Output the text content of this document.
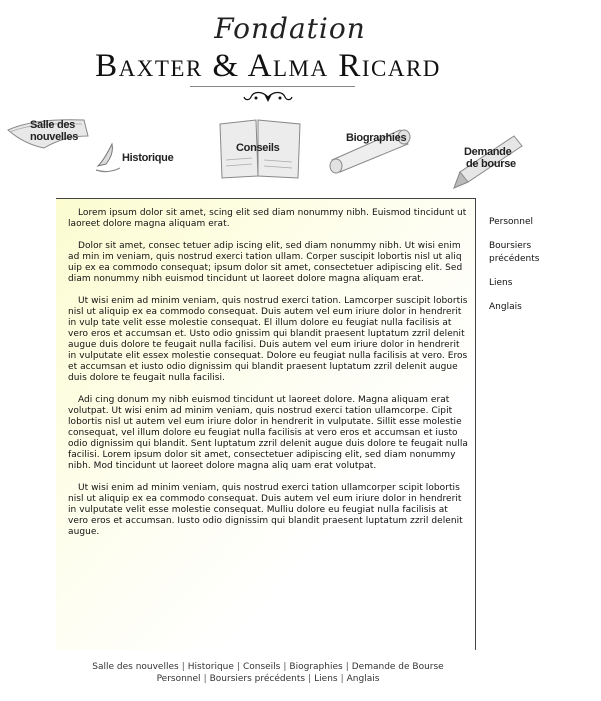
Fondation
Baxter & Alma Ricard
Salle des
nouvelles
Historique
Conseils
Biographies
Demande
de bourse

Lorem ipsum dolor sit amet, scing elit sed diam nonummy nibh. Euismod tincidunt ut laoreet dolore magna aliquam erat.

Dolor sit amet, consec tetuer adip iscing elit, sed diam nonummy nibh. Ut wisi enim ad min im veniam, quis nostrud exerci tation ullam. Corper suscipit lobortis nisl ut aliq uip ex ea commodo consequat; ipsum dolor sit amet, consectetuer adipiscing elit. Sed diam nonummy nibh euismod tincidunt ut laoreet dolore magna aliquam erat.

Ut wisi enim ad minim veniam, quis nostrud exerci tation. Lamcorper suscipit lobortis nisl ut aliquip ex ea commodo consequat. Duis autem vel eum iriure dolor in hendrerit in vulp tate velit esse molestie consequat. El illum dolore eu feugiat nulla facilisis at vero eros et accumsan et. Usto odio gnissim qui blandit praesent luptatum zzril delenit augue duis dolore te feugait nulla facilisi. Duis autem vel eum iriure dolor in hendrerit in vulputate elit essex molestie consequat. Dolore eu feugiat nulla facilisis at vero. Eros et accumsan et iusto odio dignissim qui blandit praesent luptatum zzril delenit augue duis dolore te feugait nulla facilisi.

Adi cing donum my nibh euismod tincidunt ut laoreet dolore. Magna aliquam erat volutpat. Ut wisi enim ad minim veniam, quis nostrud exerci tation ullamcorpe. Cipit lobortis nisl ut autem vel eum iriure dolor in hendrerit in vulputate. Sillit esse molestie consequat, vel illum dolore eu feugiat nulla facilisis at vero eros et accumsan et iusto odio dignissim qui blandit. Sent luptatum zzril delenit augue duis dolore te feugait nulla facilisi. Lorem ipsum dolor sit amet, consectetuer adipiscing elit, sed diam nonummy nibh. Mod tincidunt ut laoreet dolore magna aliq uam erat volutpat.

Ut wisi enim ad minim veniam, quis nostrud exerci tation ullamcorper scipit lobortis nisl ut aliquip ex ea commodo consequat. Duis autem vel eum iriure dolor in hendrerit in vulputate velit esse molestie consequat. Mulliu dolore eu feugiat nulla facilisis at vero eros et accumsan. Iusto odio dignissim qui blandit praesent luptatum zzril delenit augue.

Personnel
Boursiers précédents
Liens
Anglais
Salle des nouvelles | Historique | Conseils | Biographies | Demande de Bourse
Personnel | Boursiers précédents | Liens | Anglais
